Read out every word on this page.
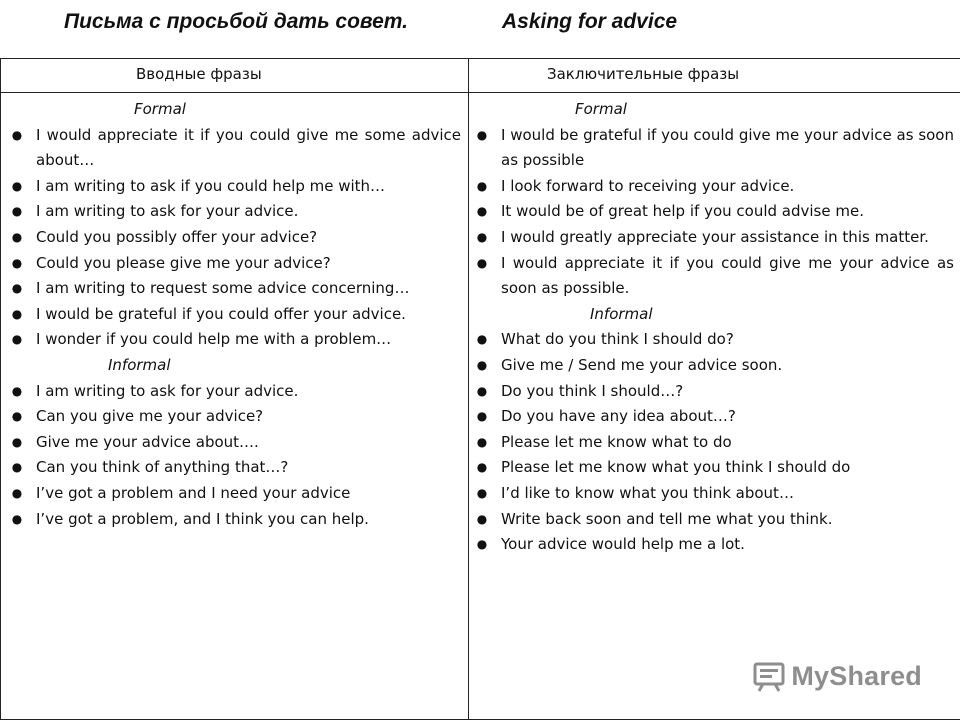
Письма с просьбой дать совет.	Asking for advice
Вводные фразы	Заключительные фразы
Formal
● I would appreciate it if you could give me some advice about…
● I am writing to ask if you could help me with…
● I am writing to ask for your advice.
● Could you possibly offer your advice?
● Could you please give me your advice?
● I am writing to request some advice concerning…
● I would be grateful if you could offer your advice.
● I wonder if you could help me with a problem…
Informal
● I am writing to ask for your advice.
● Can you give me your advice?
● Give me your advice about….
● Can you think of anything that…?
● I’ve got a problem and I need your advice
● I’ve got a problem, and I think you can help.
Formal
● I would be grateful if you could give me your advice as soon as possible
● I look forward to receiving your advice.
● It would be of great help if you could advise me.
● I would greatly appreciate your assistance in this matter.
● I would appreciate it if you could give me your advice as soon as possible.
Informal
● What do you think I should do?
● Give me / Send me your advice soon.
● Do you think I should…?
● Do you have any idea about…?
● Please let me know what to do
● Please let me know what you think I should do
● I’d like to know what you think about…
● Write back soon and tell me what you think.
● Your advice would help me a lot.
MyShared
